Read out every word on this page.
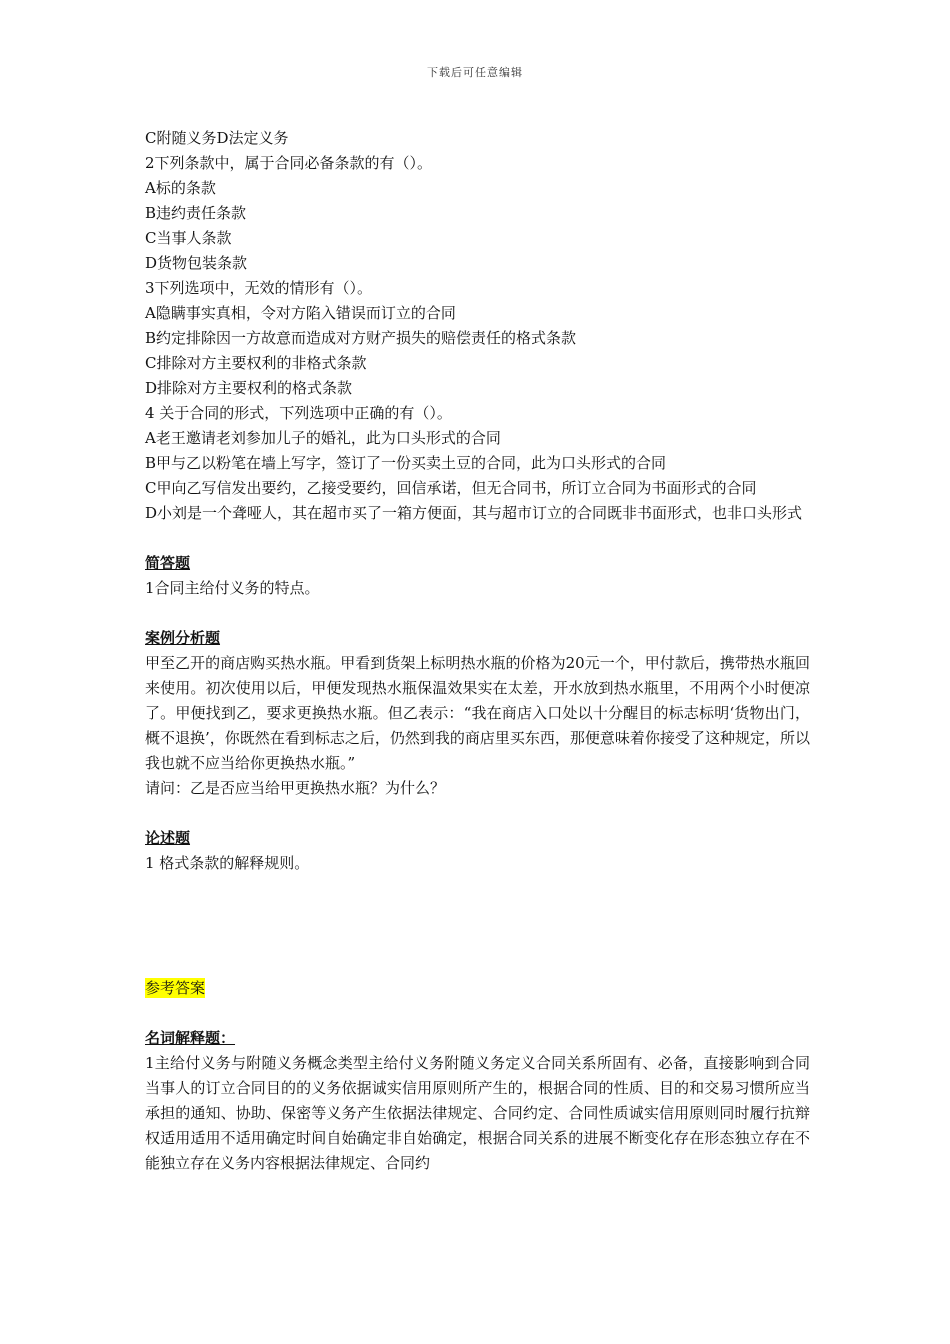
下载后可任意编辑
C附随义务D法定义务
2下列条款中，属于合同必备条款的有（）。
A标的条款
B违约责任条款
C当事人条款
D货物包装条款
3下列选项中，无效的情形有（）。
A隐瞒事实真相，令对方陷入错误而订立的合同
B约定排除因一方故意而造成对方财产损失的赔偿责任的格式条款
C排除对方主要权利的非格式条款
D排除对方主要权利的格式条款
4 关于合同的形式，下列选项中正确的有（）。
A老王邀请老刘参加儿子的婚礼，此为口头形式的合同
B甲与乙以粉笔在墙上写字，签订了一份买卖土豆的合同，此为口头形式的合同
C甲向乙写信发出要约，乙接受要约，回信承诺，但无合同书，所订立合同为书面形式的合同
D小刘是一个聋哑人，其在超市买了一箱方便面，其与超市订立的合同既非书面形式，也非口头形式
简答题
1合同主给付义务的特点。
案例分析题
甲至乙开的商店购买热水瓶。甲看到货架上标明热水瓶的价格为20元一个，甲付款后，携带热水瓶回来使用。初次使用以后，甲便发现热水瓶保温效果实在太差，开水放到热水瓶里，不用两个小时便凉了。甲便找到乙，要求更换热水瓶。但乙表示：“我在商店入口处以十分醒目的标志标明‘货物出门，概不退换’，你既然在看到标志之后，仍然到我的商店里买东西，那便意味着你接受了这种规定，所以我也就不应当给你更换热水瓶。”
请问：乙是否应当给甲更换热水瓶？为什么？
论述题
1 格式条款的解释规则。
参考答案
名词解释题：
1主给付义务与附随义务概念类型主给付义务附随义务定义合同关系所固有、必备，直接影响到合同当事人的订立合同目的的义务依据诚实信用原则所产生的，根据合同的性质、目的和交易习惯所应当承担的通知、协助、保密等义务产生依据法律规定、合同约定、合同性质诚实信用原则同时履行抗辩权适用适用不适用确定时间自始确定非自始确定，根据合同关系的进展不断变化存在形态独立存在不能独立存在义务内容根据法律规定、合同约
